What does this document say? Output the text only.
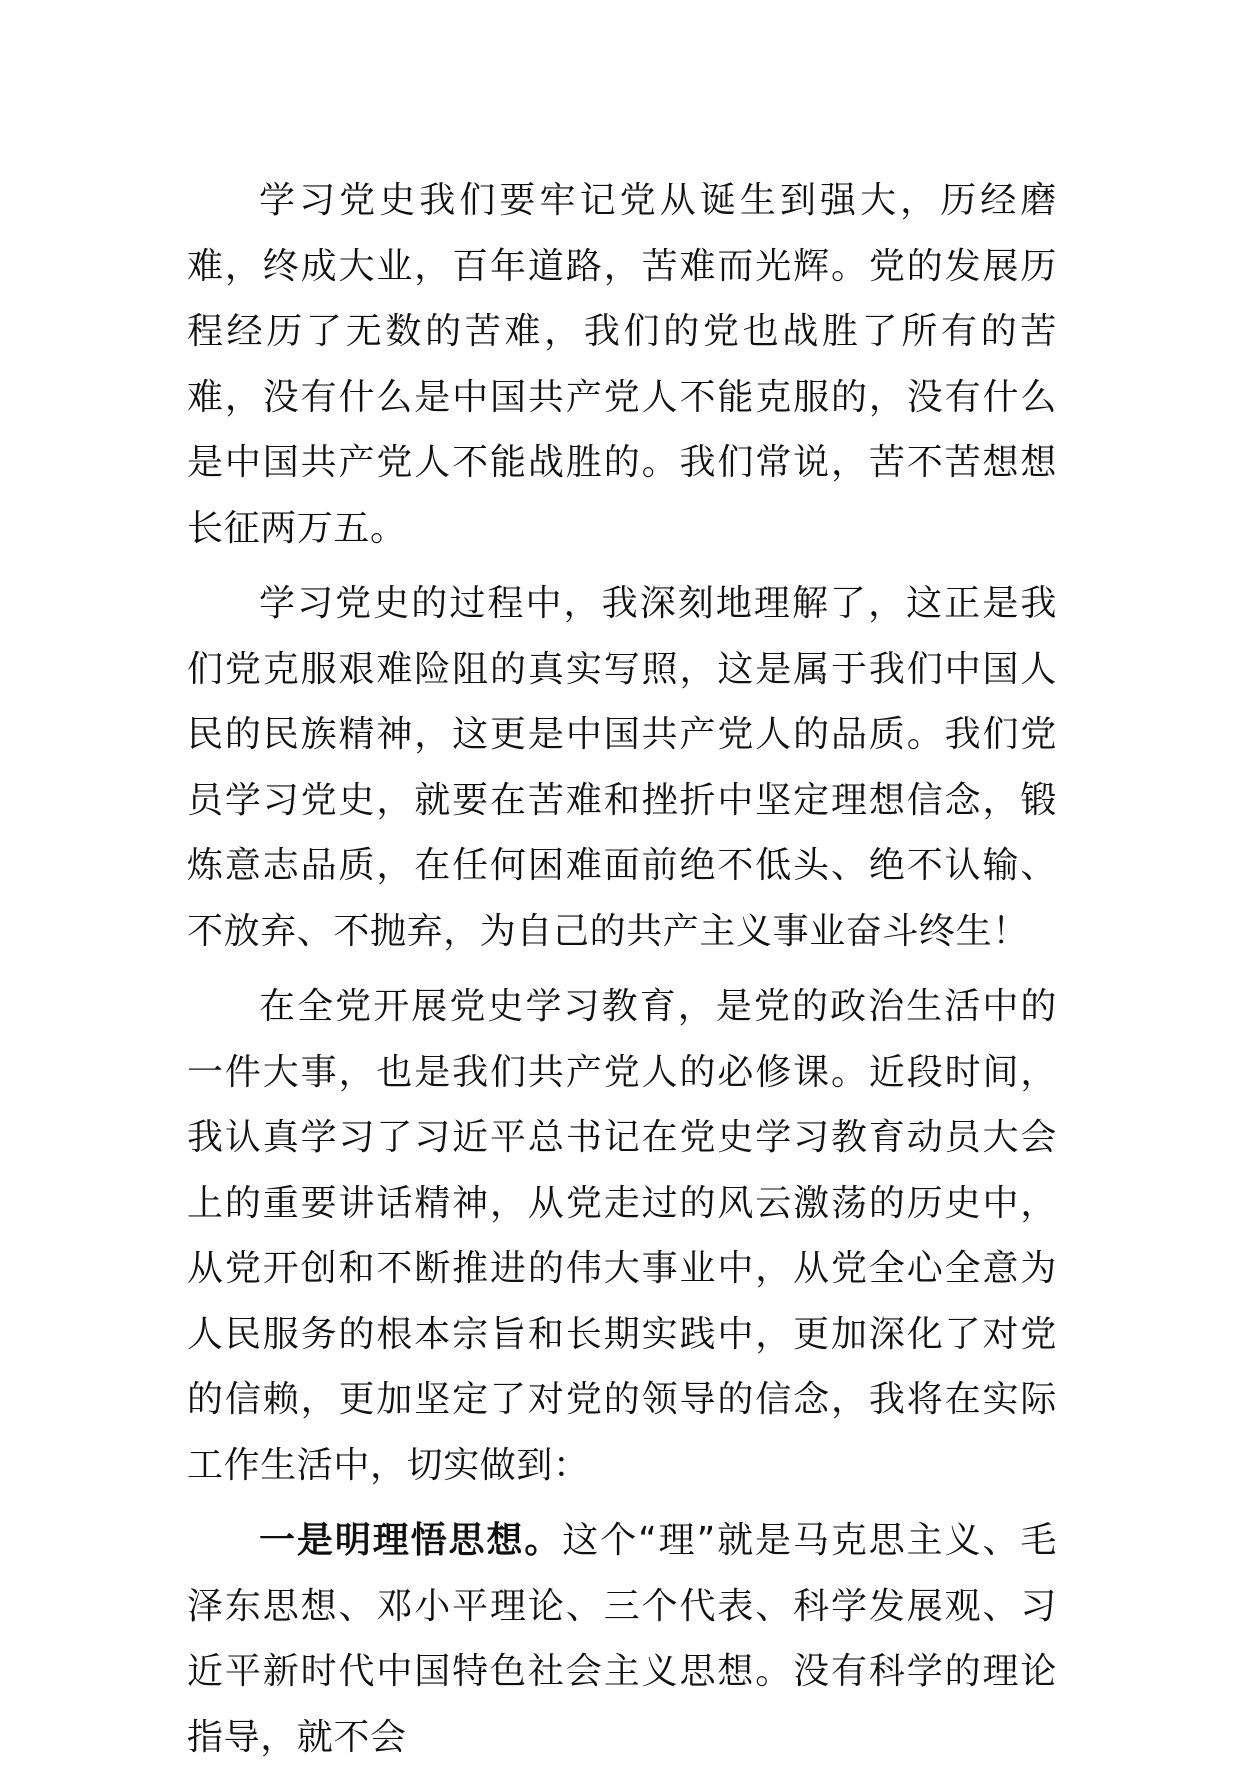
学习党史我们要牢记党从诞生到强大，历经磨难，终成大业，百年道路，苦难而光辉。党的发展历程经历了无数的苦难，我们的党也战胜了所有的苦难，没有什么是中国共产党人不能克服的，没有什么是中国共产党人不能战胜的。我们常说，苦不苦想想长征两万五。

学习党史的过程中，我深刻地理解了，这正是我们党克服艰难险阻的真实写照，这是属于我们中国人民的民族精神，这更是中国共产党人的品质。我们党员学习党史，就要在苦难和挫折中坚定理想信念，锻炼意志品质，在任何困难面前绝不低头、绝不认输、不放弃、不抛弃，为自己的共产主义事业奋斗终生！

在全党开展党史学习教育，是党的政治生活中的一件大事，也是我们共产党人的必修课。近段时间，我认真学习了习近平总书记在党史学习教育动员大会上的重要讲话精神，从党走过的风云激荡的历史中，从党开创和不断推进的伟大事业中，从党全心全意为人民服务的根本宗旨和长期实践中，更加深化了对党的信赖，更加坚定了对党的领导的信念，我将在实际工作生活中，切实做到：

一是明理悟思想。这个“理”就是马克思主义、毛泽东思想、邓小平理论、三个代表、科学发展观、习近平新时代中国特色社会主义思想。没有科学的理论指导，就不会
